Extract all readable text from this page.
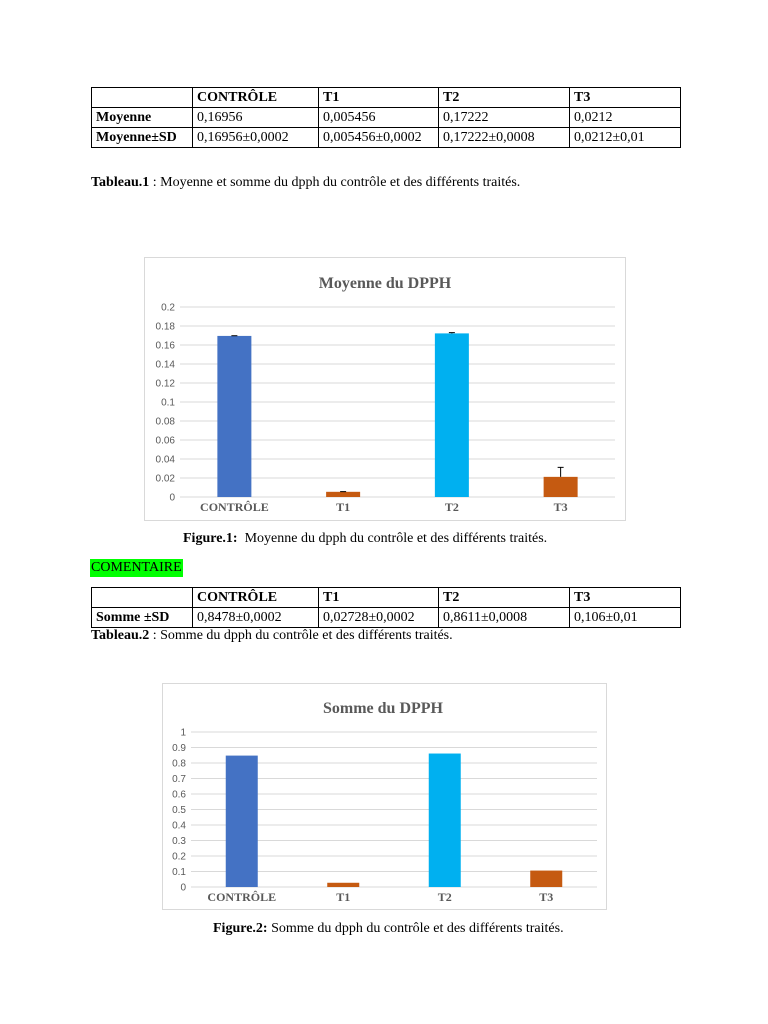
	CONTRÔLE	T1	T2	T3
Moyenne	0,16956	0,005456	0,17222	0,0212
Moyenne±SD	0,16956±0,0002	0,005456±0,0002	0,17222±0,0008	0,0212±0,01
Tableau.1 : Moyenne et somme du dpph du contrôle et des différents traités.
Moyenne du DPPH
0
0.02
0.04
0.06
0.08
0.1
0.12
0.14
0.16
0.18
0.2
CONTRÔLE	T1	T2	T3
Figure.1:  Moyenne du dpph du contrôle et des différents traités.
COMENTAIRE
	CONTRÔLE	T1	T2	T3
Somme ±SD	0,8478±0,0002	0,02728±0,0002	0,8611±0,0008	0,106±0,01
Tableau.2 : Somme du dpph du contrôle et des différents traités.
Somme du DPPH
0
0.1
0.2
0.3
0.4
0.5
0.6
0.7
0.8
0.9
1
CONTRÔLE	T1	T2	T3
Figure.2: Somme du dpph du contrôle et des différents traités.
